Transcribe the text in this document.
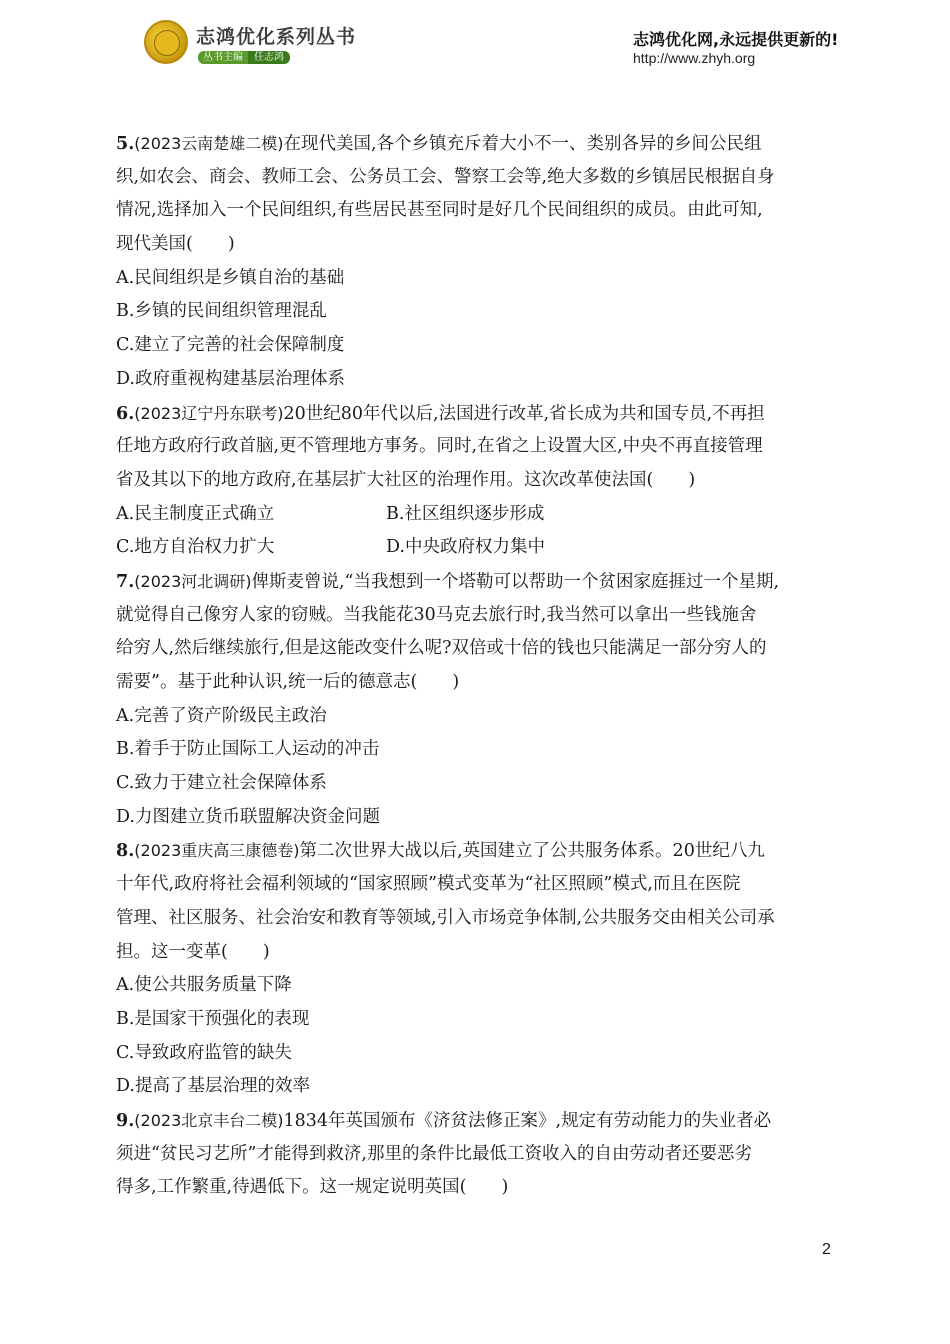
志鸿优化系列丛书
丛书主编 任志鸿
志鸿优化网,永远提供更新的!
http://www.zhyh.org
5.(2023云南楚雄二模)在现代美国,各个乡镇充斥着大小不一、类别各异的乡间公民组
织,如农会、商会、教师工会、公务员工会、警察工会等,绝大多数的乡镇居民根据自身
情况,选择加入一个民间组织,有些居民甚至同时是好几个民间组织的成员。由此可知,
现代美国(　　)
A.民间组织是乡镇自治的基础
B.乡镇的民间组织管理混乱
C.建立了完善的社会保障制度
D.政府重视构建基层治理体系
6.(2023辽宁丹东联考)20世纪80年代以后,法国进行改革,省长成为共和国专员,不再担
任地方政府行政首脑,更不管理地方事务。同时,在省之上设置大区,中央不再直接管理
省及其以下的地方政府,在基层扩大社区的治理作用。这次改革使法国(　　)
A.民主制度正式确立	B.社区组织逐步形成
C.地方自治权力扩大	D.中央政府权力集中
7.(2023河北调研)俾斯麦曾说,“当我想到一个塔勒可以帮助一个贫困家庭捱过一个星期,
就觉得自己像穷人家的窃贼。当我能花30马克去旅行时,我当然可以拿出一些钱施舍
给穷人,然后继续旅行,但是这能改变什么呢?双倍或十倍的钱也只能满足一部分穷人的
需要”。基于此种认识,统一后的德意志(　　)
A.完善了资产阶级民主政治
B.着手于防止国际工人运动的冲击
C.致力于建立社会保障体系
D.力图建立货币联盟解决资金问题
8.(2023重庆高三康德卷)第二次世界大战以后,英国建立了公共服务体系。20世纪八九
十年代,政府将社会福利领域的“国家照顾”模式变革为“社区照顾”模式,而且在医院
管理、社区服务、社会治安和教育等领域,引入市场竞争体制,公共服务交由相关公司承
担。这一变革(　　)
A.使公共服务质量下降
B.是国家干预强化的表现
C.导致政府监管的缺失
D.提高了基层治理的效率
9.(2023北京丰台二模)1834年英国颁布《济贫法修正案》,规定有劳动能力的失业者必
须进“贫民习艺所”才能得到救济,那里的条件比最低工资收入的自由劳动者还要恶劣
得多,工作繁重,待遇低下。这一规定说明英国(　　)
2
